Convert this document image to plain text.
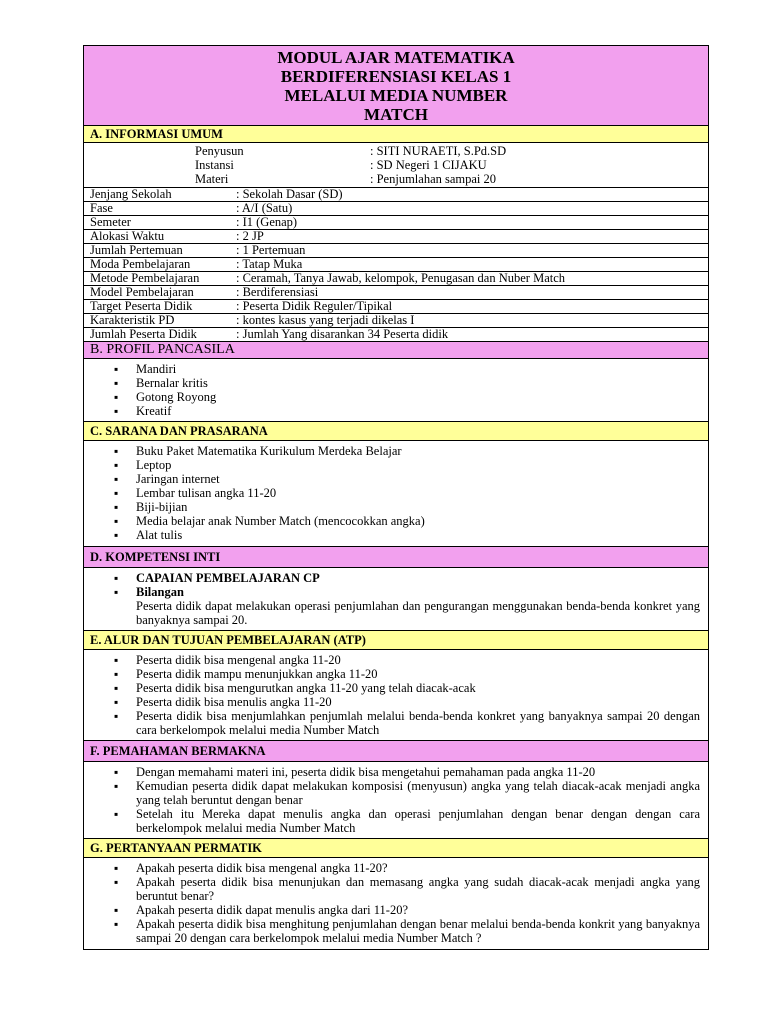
MODUL AJAR MATEMATIKA
BERDIFERENSIASI KELAS 1
MELALUI MEDIA NUMBER
MATCH
A. INFORMASI UMUM
Penyusun	: SITI NURAETI, S.Pd.SD
Instansi	: SD Negeri 1 CIJAKU
Materi	: Penjumlahan sampai 20
Jenjang Sekolah	: Sekolah Dasar (SD)
Fase	: A/I (Satu)
Semeter	: I1 (Genap)
Alokasi Waktu	: 2 JP
Jumlah Pertemuan	: 1 Pertemuan
Moda Pembelajaran	: Tatap Muka
Metode Pembelajaran	: Ceramah, Tanya Jawab, kelompok, Penugasan dan Nuber Match
Model Pembelajaran	: Berdiferensiasi
Target Peserta Didik	: Peserta Didik Reguler/Tipikal
Karakteristik PD	: kontes kasus yang terjadi dikelas I
Jumlah Peserta Didik	: Jumlah Yang disarankan 34 Peserta didik
B. PROFIL PANCASILA
▪ Mandiri
▪ Bernalar kritis
▪ Gotong Royong
▪ Kreatif
C. SARANA DAN PRASARANA
▪ Buku Paket Matematika Kurikulum Merdeka Belajar
▪ Leptop
▪ Jaringan internet
▪ Lembar tulisan angka 11-20
▪ Biji-bijian
▪ Media belajar anak Number Match (mencocokkan angka)
▪ Alat tulis
D. KOMPETENSI INTI
▪ CAPAIAN PEMBELAJARAN CP
▪ Bilangan
Peserta didik dapat melakukan operasi penjumlahan dan pengurangan menggunakan benda-benda konkret yang banyaknya sampai 20.
E. ALUR DAN TUJUAN PEMBELAJARAN (ATP)
▪ Peserta didik bisa mengenal angka 11-20
▪ Peserta didik mampu menunjukkan angka 11-20
▪ Peserta didik bisa mengurutkan angka 11-20 yang telah diacak-acak
▪ Peserta didik bisa menulis angka 11-20
▪ Peserta didik bisa menjumlahkan penjumlah melalui benda-benda konkret yang banyaknya sampai 20 dengan cara berkelompok melalui media Number Match
F. PEMAHAMAN BERMAKNA
▪ Dengan memahami materi ini, peserta didik bisa mengetahui pemahaman pada angka 11-20
▪ Kemudian peserta didik dapat melakukan komposisi (menyusun) angka yang telah diacak-acak menjadi angka yang telah beruntut dengan benar
▪ Setelah itu Mereka dapat menulis angka dan operasi penjumlahan dengan benar dengan dengan cara berkelompok melalui media Number Match
G. PERTANYAAN PERMATIK
▪ Apakah peserta didik bisa mengenal angka 11-20?
▪ Apakah peserta didik bisa menunjukan dan memasang angka yang sudah diacak-acak menjadi angka yang beruntut benar?
▪ Apakah peserta didik dapat menulis angka dari 11-20?
▪ Apakah peserta didik bisa menghitung penjumlahan dengan benar melalui benda-benda konkrit yang banyaknya sampai 20 dengan cara berkelompok melalui media Number Match ?
